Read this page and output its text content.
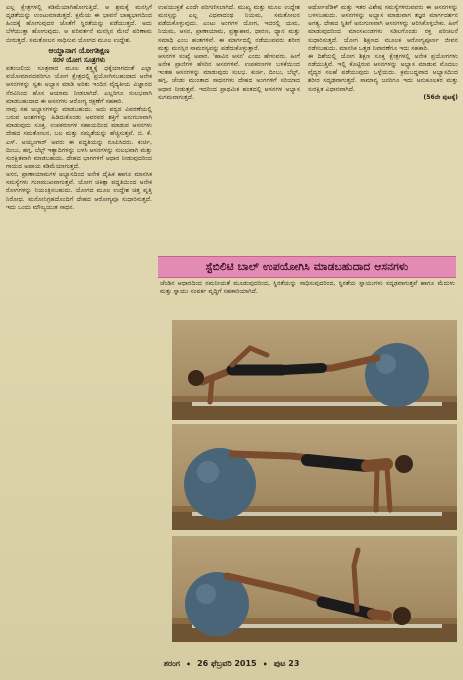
ಎಲ್ಲ ಕ್ಷೇತ್ರಗಳಲ್ಲಿ ಕಡಿಮೆಯಾಗಿಹೋಗುತ್ತಿದೆ. ಆ ಶ್ರಮಕ್ಕೆ ಮನಸ್ಸಿಗೆ ದೃಢತೆಯನ್ನು ಉಂಟುಮಾಡುತ್ತದೆ. ಕ್ಷಮೆಯ ಈ ಭಾವನೆ ಬಾಹ್ಯಭಾಗದಿಂದ ಹಿಂದಕ್ಕೆ ಹೋಗುವುದರ ಜೊತೆಗೆ ಸ್ಥಿರತೆಯನ್ನು ಪಡೆಯುತ್ತದೆ. ಅದು ಬೆಳೆಯುತ್ತಾ ಹೋಗುವುದು. ಆ ಪರಿವರ್ತನೆ ಮನಸ್ಸಿನ ಮೇಲೆ ಪರಿಣಾಮ ಬೀರುತ್ತದೆ. ಸಮತೋಲನ ಸಾಧಿಸುವ ಯೋಗದ ಮೂಲ ಉದ್ದೇಶ.

ಆಯ್ದಾನಾಗ ಯೋಗಶಿಕ್ಷಣ
ಸರಳ ಯೋಗ ಸೂತ್ರಗಳು

ಪತಂಜಲಿಯ ಸೂತ್ರವಾದ ಮೂಲ ತತ್ತ್ವಕ್ಕೆ ಧಕ್ಕೆಯಾಗದಂತೆ ಎಲ್ಲಾ ವಯೋಮಾನದವರಿಗೂ ಯೋಗ ಕ್ಷೇತ್ರದಲ್ಲಿ ಪ್ರಯೋಗಿಸಬಹುದಾದ ಅನೇಕ ಆಸನಗಳನ್ನು ಸ್ವತಃ ಅಭ್ಯಾಸ ಮಾಡಿ ಅರಿತು ಇಂದಿನ ವೈದ್ಯಕೀಯ ವಿಜ್ಞಾನದ ನೆರವಿನಿಂದ ಹೊಸ ಆಯಾಮ ನೀಡಲಾಗಿದೆ. ಎಲ್ಲರಿಗೂ ಸುಲಭವಾಗಿ ಮಾಡಬಹುದಾದ ಈ ಆಸನಗಳು ಆರೋಗ್ಯ ರಕ್ಷಣೆಗೆ ಸಹಕಾರಿ.

ನಾವು ಸಹ ಅಭ್ಯಾಸಗಳನ್ನು ಮಾಡಬಹುದು. ಅದು ಪಠ್ಯದ ವಿವರಣೆಯಲ್ಲಿ ಬರುವ ಅಂಶಗಳನ್ನು ಹಿಡಿದುಕೊಂಡು ಅವರವರ ಶಕ್ತಿಗೆ ಅನುಗುಣವಾಗಿ ಮಾಡುವುದು ಸೂಕ್ತ. ಉಪಕರಣಗಳ ಸಹಾಯದಿಂದ ಮಾಡುವ ಆಸನಗಳು ದೇಹದ ಸಮತೋಲನ, ಬಲ ಮತ್ತು ನಮ್ಯತೆಯನ್ನು ಹೆಚ್ಚಿಸುತ್ತವೆ. ಬಿ. ಕೆ. ಎಸ್. ಅಯ್ಯಂಗಾರ್ ಅವರು ಈ ಪದ್ಧತಿಯನ್ನು ರೂಪಿಸಿದರು. ಕುರ್ಚಿ, ದಿಂಬು, ಹಗ್ಗ, ಬೆಲ್ಟ್ ಇತ್ಯಾದಿಗಳನ್ನು ಬಳಸಿ ಆಸನಗಳನ್ನು ಸುಲಭವಾಗಿ ಮತ್ತು ಸುರಕ್ಷಿತವಾಗಿ ಮಾಡಬಹುದು. ದೇಹದ ಭಾಗಗಳಿಗೆ ಆಧಾರ ನೀಡುವುದರಿಂದ ಗಾಯದ ಅಪಾಯ ಕಡಿಮೆಯಾಗುತ್ತದೆ.

ಅಸನ, ಪ್ರಾಣಾಯಾಮಗಳ ಅಭ್ಯಾಸದಿಂದ ಅನೇಕ ದೈಹಿಕ ಹಾಗೂ ಮಾನಸಿಕ ಸಮಸ್ಯೆಗಳು ಗುಣಮುಖವಾಗುತ್ತವೆ. ಯೋಗ ಚಿಕಿತ್ಸಾ ಪದ್ಧತಿಯಿಂದ ಅನೇಕ ರೋಗಗಳನ್ನು ನಿಯಂತ್ರಿಸಬಹುದು. ಯೋಗದ ಮೂಲ ಉದ್ದೇಶ ಚಿತ್ತ ವೃತ್ತಿ ನಿರೋಧ. ಮನೋನಿಗ್ರಹದೊಂದಿಗೆ ದೇಹದ ಆರೋಗ್ಯವೂ ಸುಧಾರಿಸುತ್ತದೆ. ಇದು ಒಂದು ಮೌಲ್ಯಯುತ ಸಾಧನ.

ಉಪಯುಕ್ತತೆ ಎಂದೇ ಪರಿಗಣಿಸಲಾಗಿದೆ. ಮುಖ್ಯ ಮತ್ತು ಮೂಲ ಉದ್ದೇಶ ಮನಸ್ಸನ್ನು ಎಲ್ಲ ವಿಧವಾದಂಥ ನಿಯಮ, ಸಮತೋಲನ ಪಡೆದುಕೊಳ್ಳುವುದು. ಎಂಟು ಅಂಗಗಳ ಯೋಗ, ಇದರಲ್ಲಿ ಯಮ, ನಿಯಮ, ಆಸನ, ಪ್ರಾಣಾಯಾಮ, ಪ್ರತ್ಯಾಹಾರ, ಧಾರಣ, ಧ್ಯಾನ ಮತ್ತು ಸಮಾಧಿ ಎಂಬ ಹಂತಗಳಿವೆ. ಈ ಮಾರ್ಗದಲ್ಲಿ ನಡೆಯುವವರು ಶರೀರ ಮತ್ತು ಮನಸ್ಸಿನ ಸಾಮರಸ್ಯವನ್ನು ಪಡೆದುಕೊಳ್ಳುತ್ತಾರೆ.

ಆಸನಗಳ ಸಂಖ್ಯೆ ಅಪಾರ. 'ಹಾವಿನ ಆಸನ' ಎಂದು ಹೇಳುವರು. ಹೀಗೆ ಅನೇಕ ಪ್ರಾಣಿಗಳ ಹೆಸರಿನ ಆಸನಗಳಿವೆ. ಉಪಕರಣಗಳ ಬಳಕೆಯಿಂದ ಇಂತಹ ಆಸನಗಳನ್ನು ಮಾಡುವುದು ಸುಲಭ. ಕುರ್ಚಿ, ದಿಂಬು, ಬೆಲ್ಟ್, ಹಗ್ಗ, ಚೆಂಡು ಮುಂತಾದ ಸಾಧನಗಳು ದೇಹದ ಅಂಗಗಳಿಗೆ ಸರಿಯಾದ ಆಧಾರ ನೀಡುತ್ತವೆ. ಇದರಿಂದ ಪ್ರಾಥಮಿಕ ಹಂತದಲ್ಲಿ ಆಸನಗಳ ಅಭ್ಯಾಸ ಸುಗಮವಾಗುತ್ತದೆ.

ಆರ್ಥೋಪೆಡಿಕ್ ಮತ್ತು ಇತರ ವಿಶೇಷ ಸಮಸ್ಯೆಗಳಿರುವವರು ಈ ಆಸನಗಳನ್ನು ಬಳಸಬಹುದು. ಆಸನಗಳನ್ನು ಅಭ್ಯಾಸ ಮಾಡುವಾಗ ತಜ್ಞರ ಮಾರ್ಗದರ್ಶನ ಅಗತ್ಯ. ದೇಹದ ಸ್ಥಿತಿಗೆ ಅನುಗುಣವಾಗಿ ಆಸನಗಳನ್ನು ಆರಿಸಿಕೊಳ್ಳಬೇಕು. ಹೀಗೆ ಮಾಡುವುದರಿಂದ ಮಾಂಸಖಂಡಗಳು ಸಡಿಲಗೊಂಡು ರಕ್ತ ಪರಿಚಲನೆ ಸುಧಾರಿಸುತ್ತದೆ. ಯೋಗ ಶಿಕ್ಷಣದ ಮೂಲಕ ಆರೋಗ್ಯಪೂರ್ಣ ಜೀವನ ನಡೆಸಬಹುದು. ಮಾನಸಿಕ ಒತ್ತಡ ನಿವಾರಣೆಗೂ ಇದು ಸಹಕಾರಿ.

ಈ ದಿಶೆಯಲ್ಲಿ ಯೋಗ ಶಿಕ್ಷಣ ಸೂಕ್ತ ಕ್ಷೇತ್ರಗಳಲ್ಲಿ ಅನೇಕ ಪ್ರಯೋಗಗಳು ನಡೆಯುತ್ತಿವೆ. ಇಲ್ಲಿ ಕೊಟ್ಟಿರುವ ಆಸನಗಳನ್ನು ಅಭ್ಯಾಸ ಮಾಡುವ ಮೊದಲು ವೈದ್ಯರ ಸಲಹೆ ಪಡೆಯುವುದು ಒಳ್ಳೆಯದು. ಕ್ರಮಬದ್ಧವಾದ ಅಭ್ಯಾಸದಿಂದ ಶರೀರ ಸದೃಢವಾಗುತ್ತದೆ. ಸಾಮಾನ್ಯ ಜನರಿಗೂ ಇದು ಅನುಕೂಲಕರ ಮತ್ತು ಸುರಕ್ಷಿತ ವಿಧಾನವಾಗಿದೆ.

(56ನೇ ಪುಟಕ್ಕೆ)

ಸ್ಟೆಬಿಲಿಟಿ ಬಾಲ್ ಉಪಯೋಗಿಸಿ ಮಾಡಬಹುದಾದ ಆಸನಗಳು
ಚೆಂಡಿನ ಆಧಾರದಿಂದ ನಮನೀಯತೆ ಮೂಡುವುದರಿಂದ, ಸ್ಥಿರತೆಯನ್ನು ಸಾಧಿಸುವುದರಿಂದ, ಸ್ಥಿರತೆಯ ಸ್ನಾಯುಗಳು ಸದೃಢವಾಗುತ್ತವೆ ಹಾಗೂ ಮೆದುಳು ಮತ್ತು ಸ್ನಾಯು ಸಂಪರ್ಕ ವೃದ್ಧಿಗೆ ಸಹಕಾರಿಯಾಗಿದೆ.
ತರಂಗ • 26 ಫೆಬ್ರವರಿ 2015 • ಪುಟ 23
